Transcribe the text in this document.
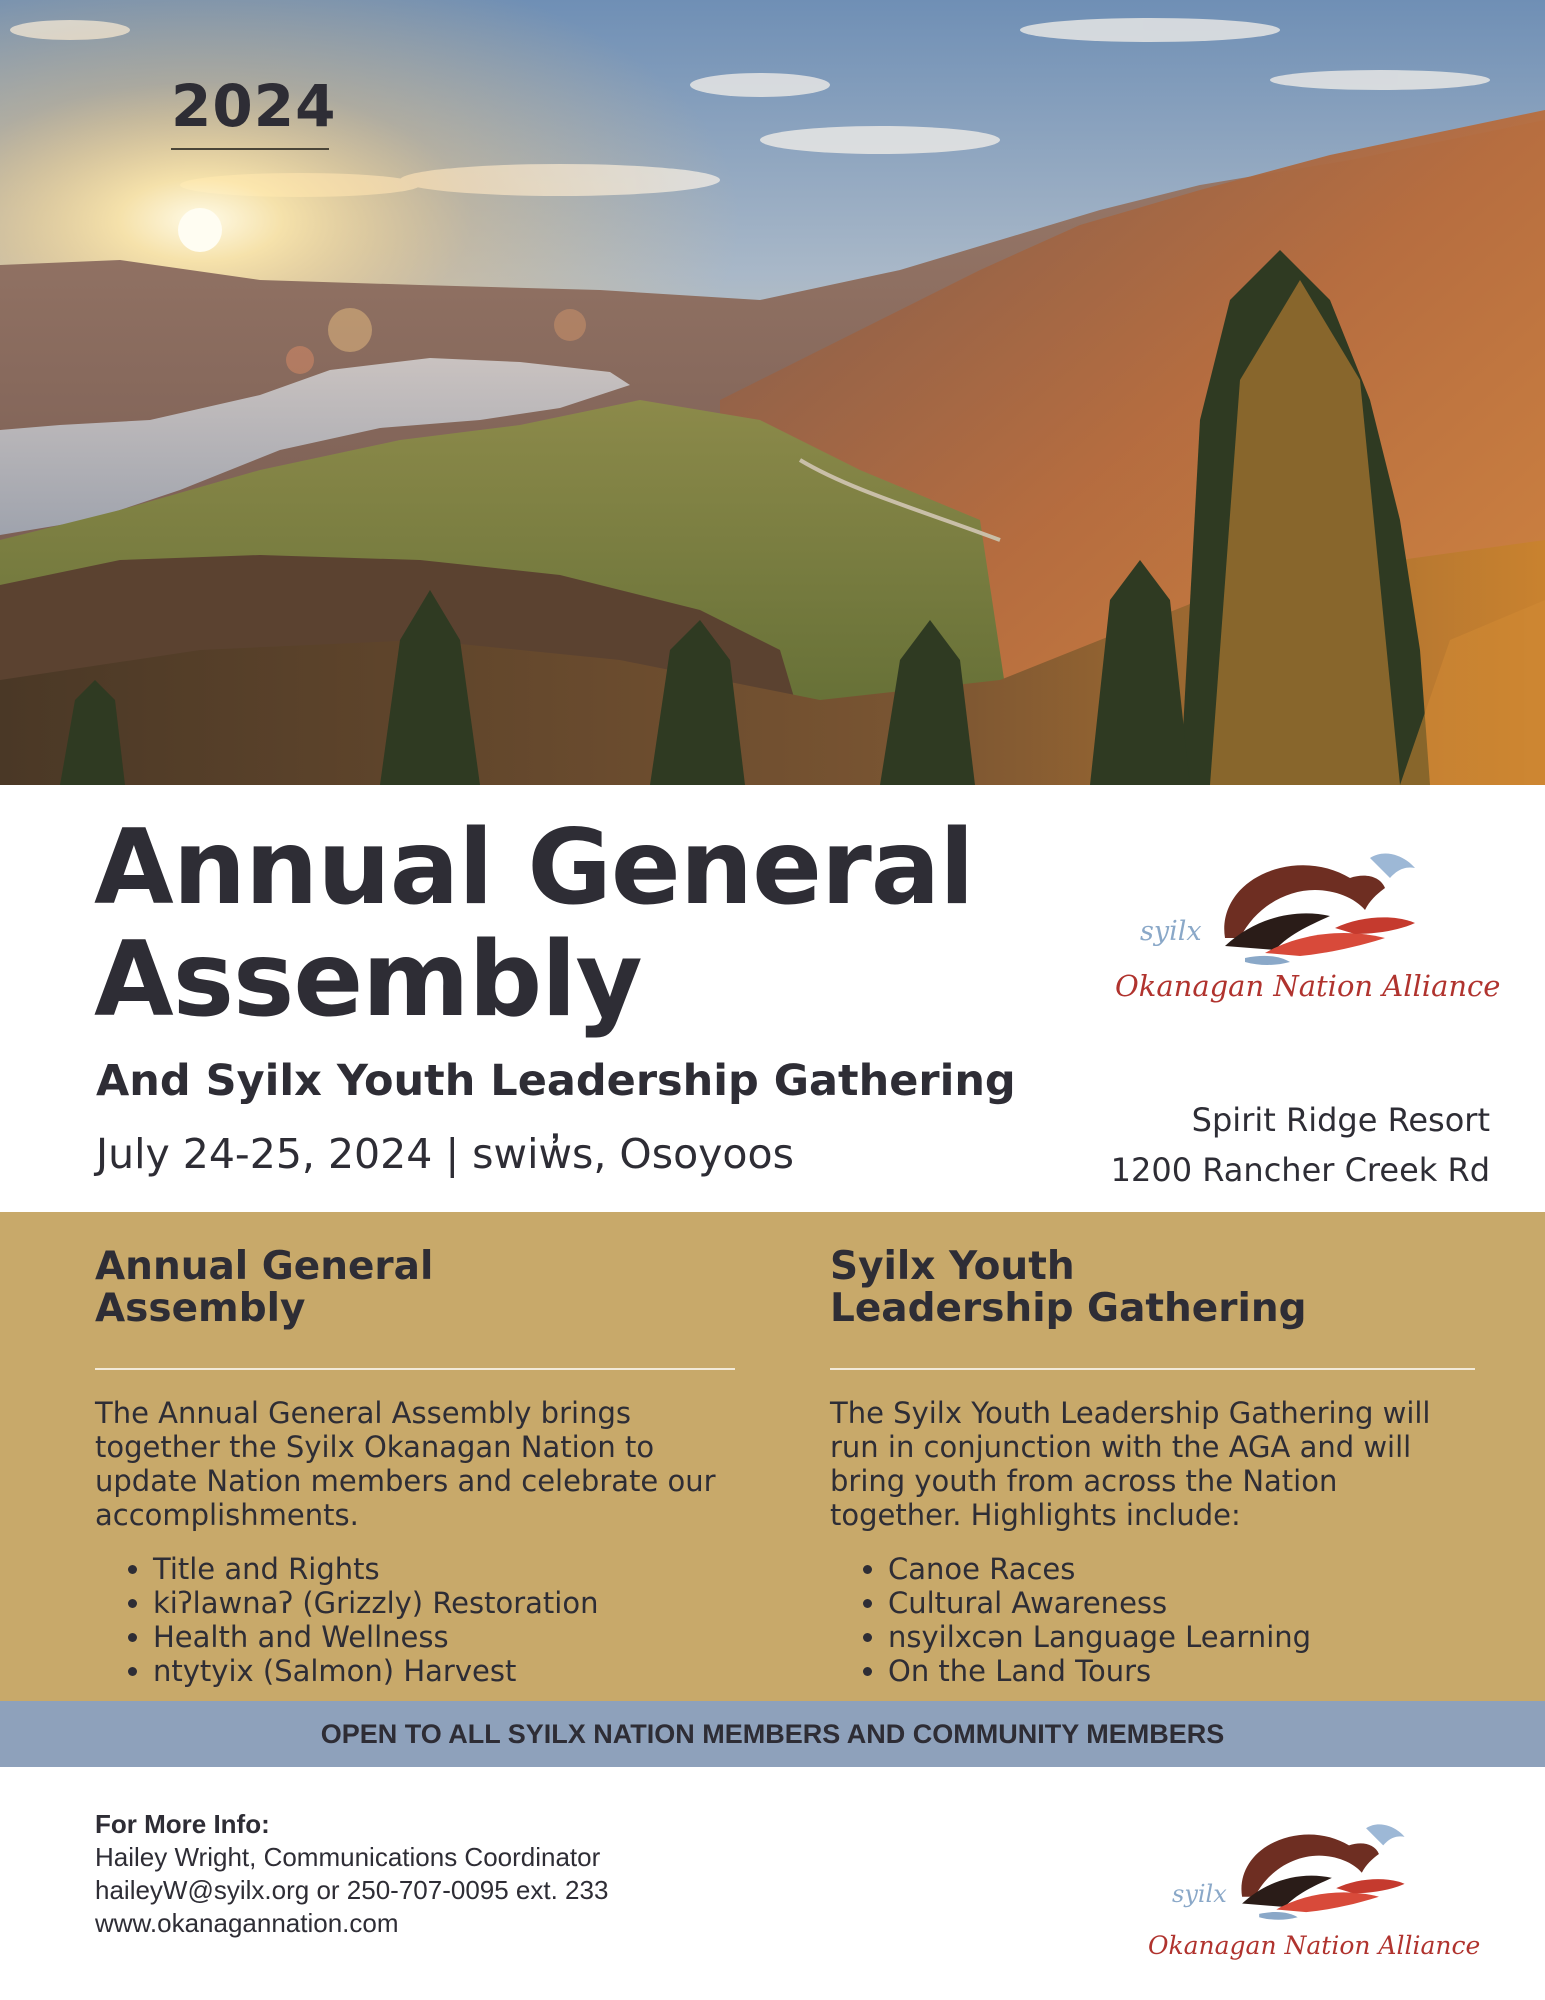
2024
Annual General
Assembly
And Syilx Youth Leadership Gathering
July 24-25, 2024 | swiw̓s, Osoyoos
syilx
Okanagan Nation Alliance
Spirit Ridge Resort
1200 Rancher Creek Rd
Annual General
Assembly

The Annual General Assembly brings together the Syilx Okanagan Nation to update Nation members and celebrate our accomplishments.

• Title and Rights
• kiʔlawnaʔ (Grizzly) Restoration
• Health and Wellness
• ntytyix (Salmon) Harvest
Syilx Youth
Leadership Gathering

The Syilx Youth Leadership Gathering will run in conjunction with the AGA and will bring youth from across the Nation together. Highlights include:

• Canoe Races
• Cultural Awareness
• nsyilxcən Language Learning
• On the Land Tours
OPEN TO ALL SYILX NATION MEMBERS AND COMMUNITY MEMBERS
For More Info:
Hailey Wright, Communications Coordinator
haileyW@syilx.org or 250-707-0095 ext. 233
www.okanagannation.com
syilx
Okanagan Nation Alliance
